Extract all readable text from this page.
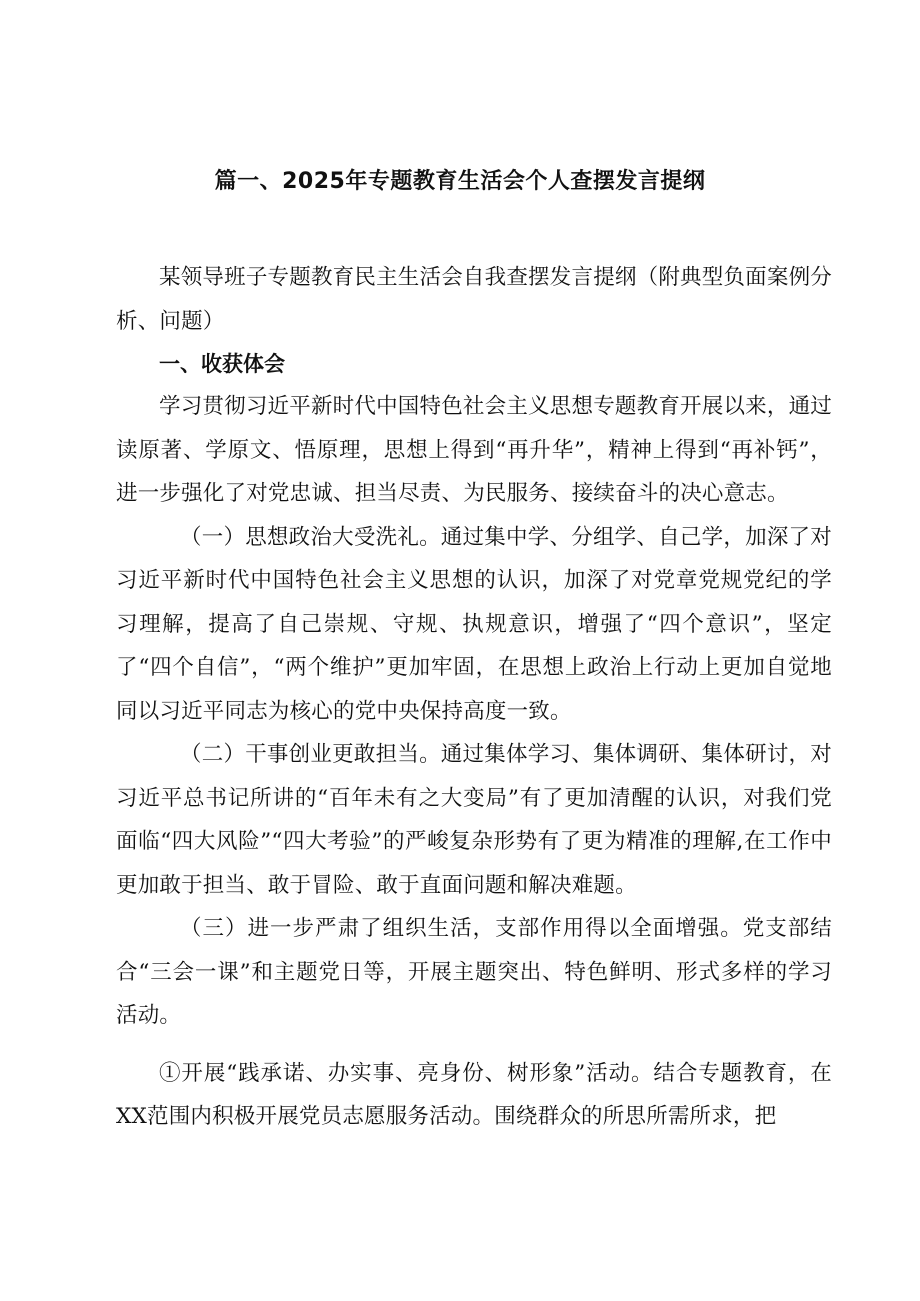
篇一、2025年专题教育生活会个人查摆发言提纲

某领导班子专题教育民主生活会自我查摆发言提纲（附典型负面案例分析、问题）

一、收获体会

学习贯彻习近平新时代中国特色社会主义思想专题教育开展以来，通过读原著、学原文、悟原理，思想上得到“再升华”，精神上得到“再补钙”，进一步强化了对党忠诚、担当尽责、为民服务、接续奋斗的决心意志。

（一）思想政治大受洗礼。通过集中学、分组学、自己学，加深了对习近平新时代中国特色社会主义思想的认识，加深了对党章党规党纪的学习理解，提高了自己崇规、守规、执规意识，增强了“四个意识”，坚定了“四个自信”，“两个维护”更加牢固，在思想上政治上行动上更加自觉地同以习近平同志为核心的党中央保持高度一致。

（二）干事创业更敢担当。通过集体学习、集体调研、集体研讨，对习近平总书记所讲的“百年未有之大变局”有了更加清醒的认识，对我们党面临“四大风险”“四大考验”的严峻复杂形势有了更为精准的理解,在工作中更加敢于担当、敢于冒险、敢于直面问题和解决难题。

（三）进一步严肃了组织生活，支部作用得以全面增强。党支部结合“三会一课”和主题党日等，开展主题突出、特色鲜明、形式多样的学习活动。

①开展“践承诺、办实事、亮身份、树形象”活动。结合专题教育，在XX范围内积极开展党员志愿服务活动。围绕群众的所思所需所求，把
